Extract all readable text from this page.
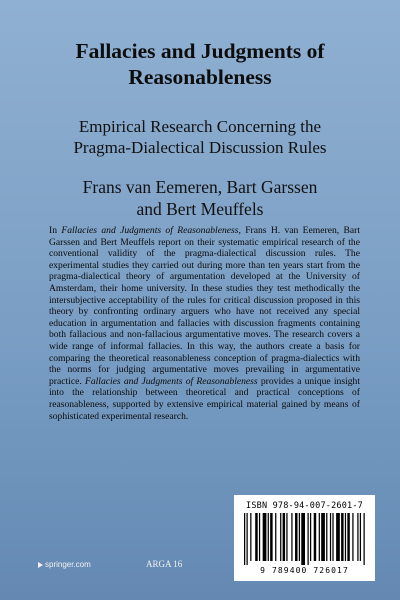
Fallacies and Judgments of
Reasonableness
Empirical Research Concerning the
Pragma-Dialectical Discussion Rules
Frans van Eemeren, Bart Garssen
and Bert Meuffels
In Fallacies and Judgments of Reasonableness, Frans H. van Eemeren, Bart Garssen and Bert Meuffels report on their systematic empirical research of the conventional validity of the pragma-dialectical discussion rules. The experimental studies they carried out during more than ten years start from the pragma-dialectical theory of argumentation developed at the University of Amsterdam, their home university. In these studies they test methodically the intersubjective acceptability of the rules for critical discussion proposed in this theory by confronting ordinary arguers who have not received any special education in argumentation and fallacies with discussion fragments containing both fallacious and non-fallacious argumentative moves. The research covers a wide range of informal fallacies. In this way, the authors create a basis for comparing the theoretical reasonableness conception of pragma-dialectics with the norms for judging argumentative moves prevailing in argumentative practice. Fallacies and Judgments of Reasonableness provides a unique insight into the relationship between theoretical and practical conceptions of reasonableness, supported by extensive empirical material gained by means of sophisticated experimental research.
ISBN 978-94-007-2601-7
9 789400 726017
springer.com	ARGA 16
